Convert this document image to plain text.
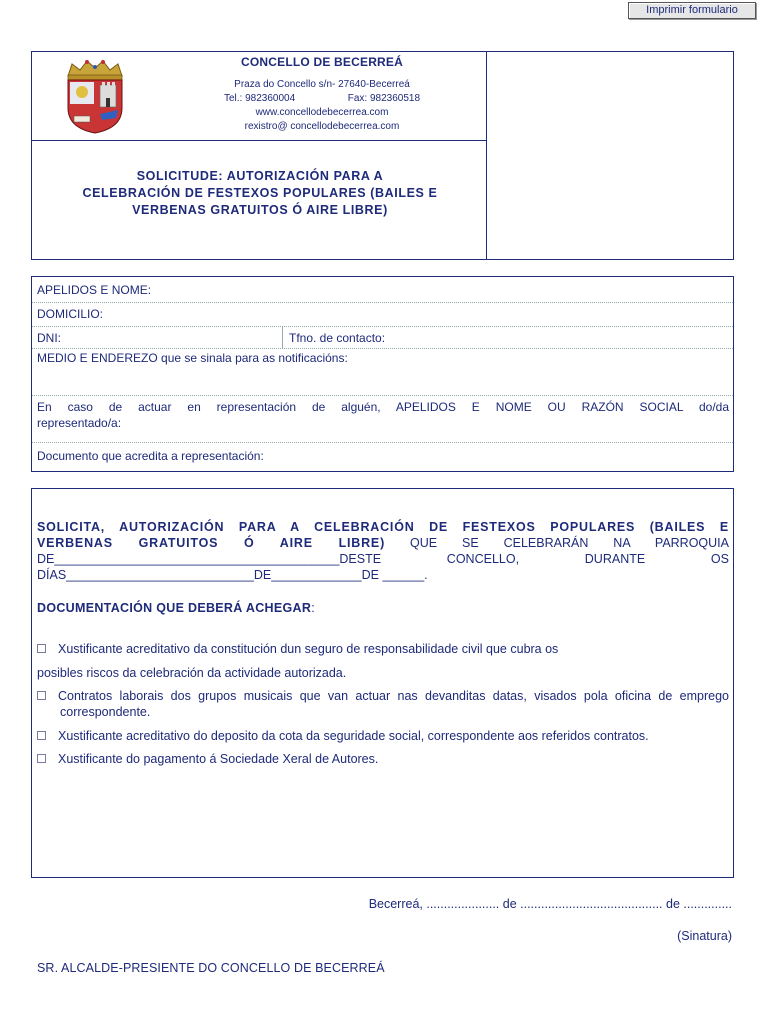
Imprimir formulario
CONCELLO DE BECERREÁ
Praza do Concello s/n- 27640-Becerreá
Tel.: 982360004	Fax: 982360518
www.concellodebecerrea.com
rexistro@ concellodebecerrea.com
SOLICITUDE: AUTORIZACIÓN PARA A
CELEBRACIÓN DE FESTEXOS POPULARES (BAILES E
VERBENAS GRATUITOS Ó AIRE LIBRE)
APELIDOS E NOME:
DOMICILIO:
DNI:	Tfno. de contacto:
MEDIO E ENDEREZO que se sinala para as notificacións:
En caso de actuar en representación de alguén, APELIDOS E NOME OU RAZÓN SOCIAL do/da
representado/a:
Documento que acredita a representación:
SOLICITA, AUTORIZACIÓN PARA A CELEBRACIÓN DE FESTEXOS POPULARES (BAILES E
VERBENAS GRATUITOS Ó AIRE LIBRE) QUE SE CELEBRARÁN NA PARROQUIA
DE_________________________________________DESTE CONCELLO, DURANTE OS
DÍAS___________________________DE_____________DE ______.
DOCUMENTACIÓN QUE DEBERÁ ACHEGAR:
Xustificante acreditativo da constitución dun seguro de responsabilidade civil que cubra os
posibles riscos da celebración da actividade autorizada.
Contratos laborais dos grupos musicais que van actuar nas devanditas datas, visados pola oficina de emprego correspondente.
Xustificante acreditativo do deposito da cota da seguridade social, correspondente aos referidos contratos.
Xustificante do pagamento á Sociedade Xeral de Autores.
Becerreá, ..................... de ......................................... de ..............
(Sinatura)
SR. ALCALDE-PRESIENTE DO CONCELLO DE BECERREÁ
